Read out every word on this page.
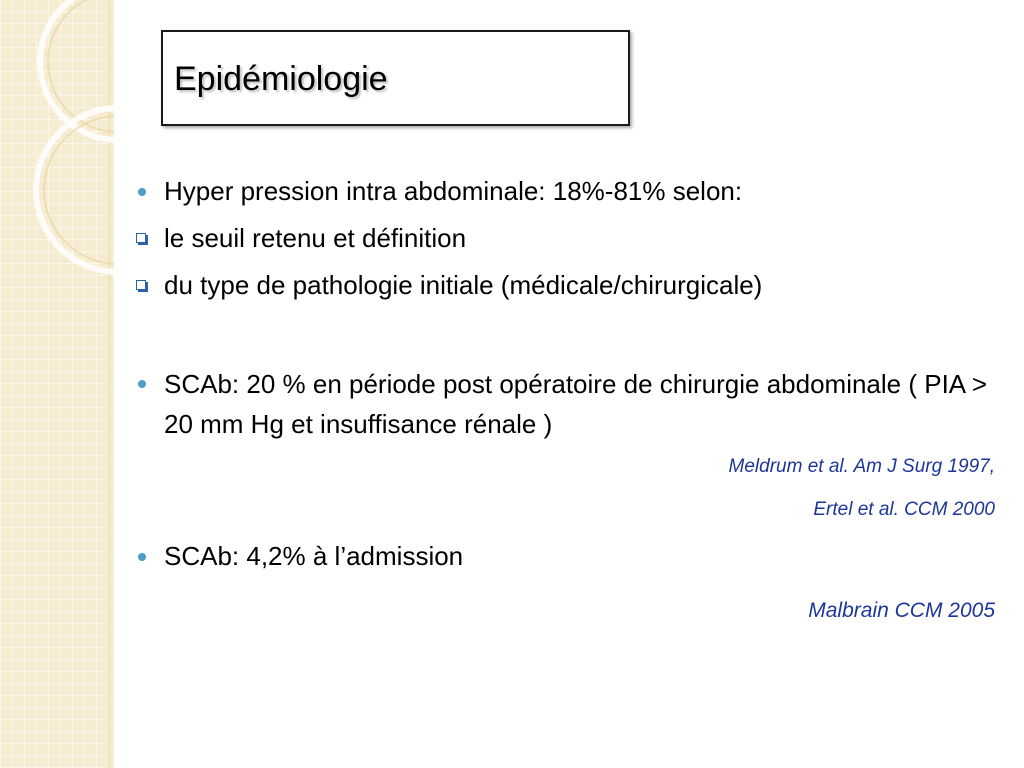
Epidémiologie
Hyper pression intra abdominale: 18%-81% selon:
le seuil retenu et définition
du type de pathologie initiale (médicale/chirurgicale)
SCAb: 20 % en période post opératoire de chirurgie abdominale ( PIA > 20 mm Hg et insuffisance rénale )
Meldrum et al. Am J Surg 1997,
Ertel et al. CCM 2000
SCAb: 4,2% à l’admission
Malbrain CCM 2005
